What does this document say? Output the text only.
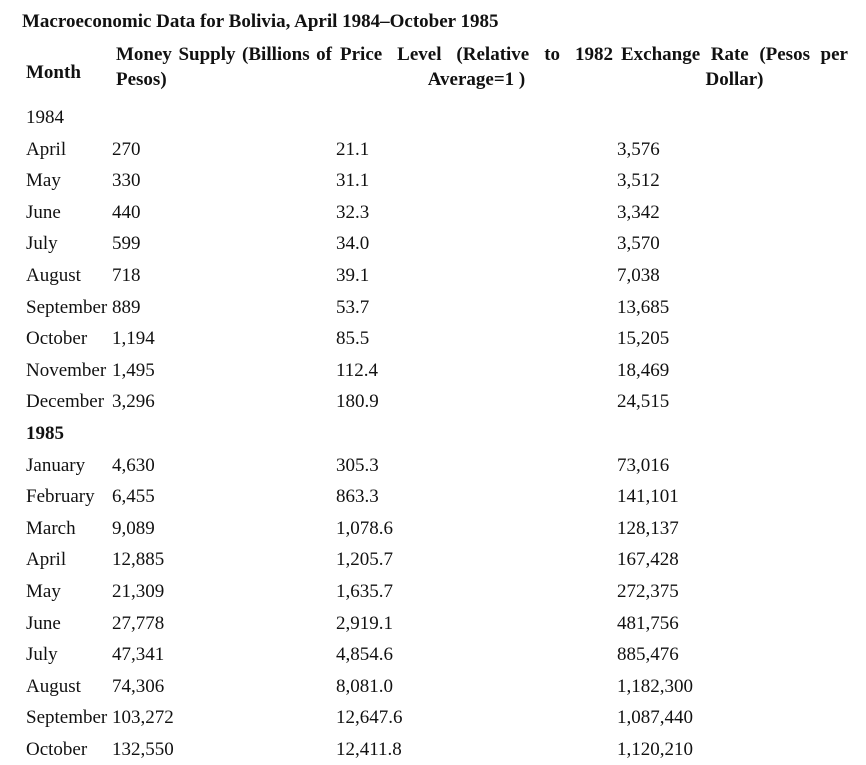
Macroeconomic Data for Bolivia, April 1984–October 1985
Month	Money Supply (Billions of Pesos)	Price Level (Relative to 1982 Average=1 )	Exchange Rate (Pesos per Dollar)
1984			
April	270	21.1	3,576
May	330	31.1	3,512
June	440	32.3	3,342
July	599	34.0	3,570
August	718	39.1	7,038
September	889	53.7	13,685
October	1,194	85.5	15,205
November	1,495	112.4	18,469
December	3,296	180.9	24,515
1985			
January	4,630	305.3	73,016
February	6,455	863.3	141,101
March	9,089	1,078.6	128,137
April	12,885	1,205.7	167,428
May	21,309	1,635.7	272,375
June	27,778	2,919.1	481,756
July	47,341	4,854.6	885,476
August	74,306	8,081.0	1,182,300
September	103,272	12,647.6	1,087,440
October	132,550	12,411.8	1,120,210
